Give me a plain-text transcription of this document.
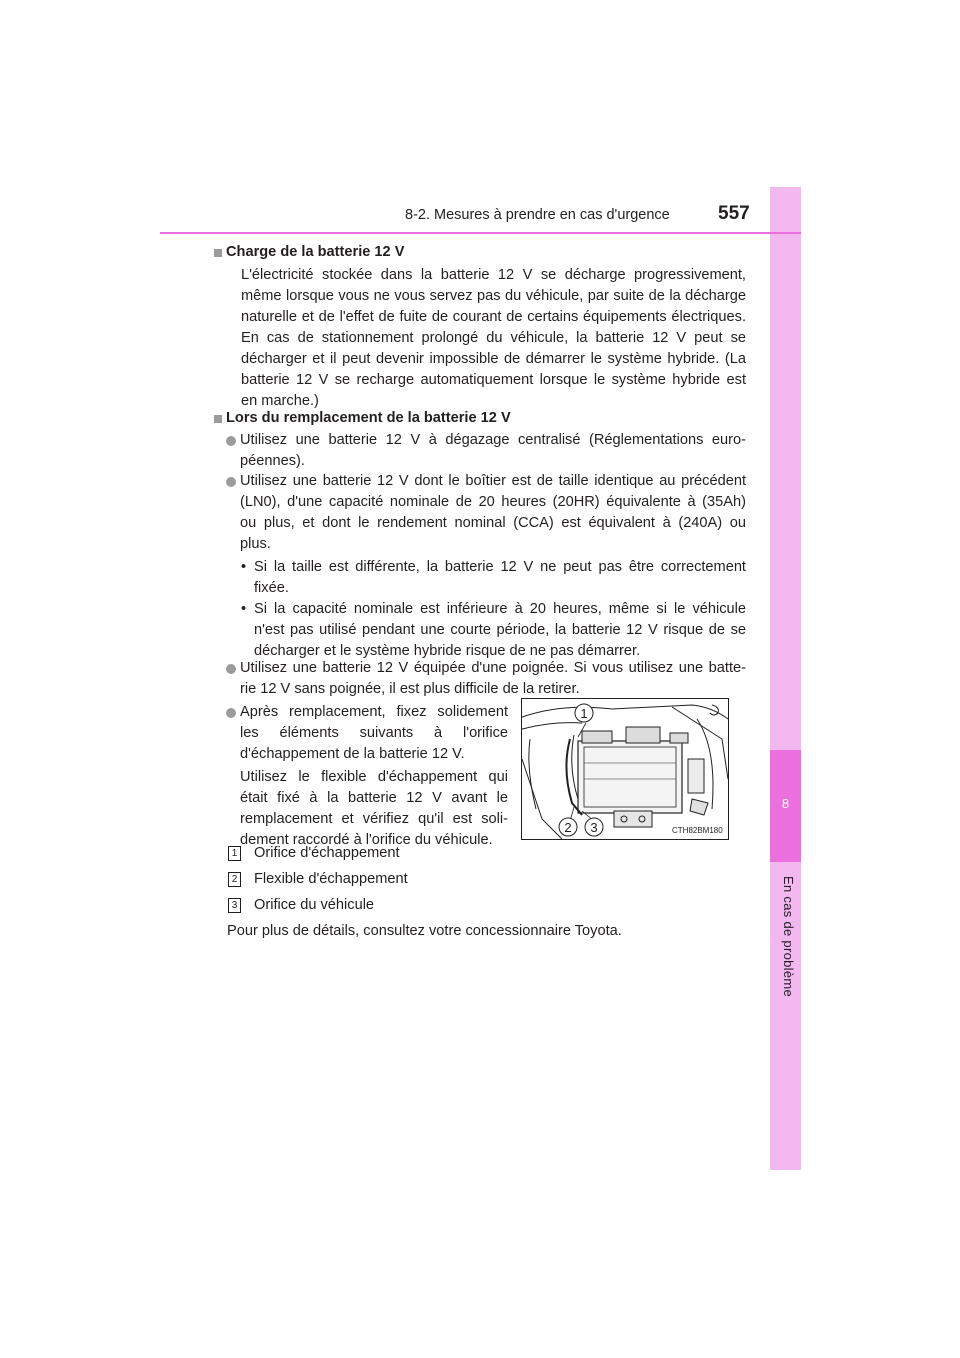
8
En cas de problème
8-2. Mesures à prendre en cas d'urgence	557
Charge de la batterie 12 V
L'électricité stockée dans la batterie 12 V se décharge progressivement,
même lorsque vous ne vous servez pas du véhicule, par suite de la décharge
naturelle et de l'effet de fuite de courant de certains équipements électriques.
En cas de stationnement prolongé du véhicule, la batterie 12 V peut se
décharger et il peut devenir impossible de démarrer le système hybride. (La
batterie 12 V se recharge automatiquement lorsque le système hybride est
en marche.)
Lors du remplacement de la batterie 12 V
Utilisez une batterie 12 V à dégazage centralisé (Réglementations euro-
péennes).
Utilisez une batterie 12 V dont le boîtier est de taille identique au précédent
(LN0), d'une capacité nominale de 20 heures (20HR) équivalente à (35Ah)
ou plus, et dont le rendement nominal (CCA) est équivalent à (240A) ou
plus.
• Si la taille est différente, la batterie 12 V ne peut pas être correctement
fixée.
• Si la capacité nominale est inférieure à 20 heures, même si le véhicule
n'est pas utilisé pendant une courte période, la batterie 12 V risque de se
décharger et le système hybride risque de ne pas démarrer.
Utilisez une batterie 12 V équipée d'une poignée. Si vous utilisez une batte-
rie 12 V sans poignée, il est plus difficile de la retirer.
Après remplacement, fixez solidement
les éléments suivants à l'orifice
d'échappement de la batterie 12 V.
Utilisez le flexible d'échappement qui
était fixé à la batterie 12 V avant le
remplacement et vérifiez qu'il est soli-
dement raccordé à l'orifice du véhicule.
1
2 3	CTH82BM180
1 Orifice d'échappement
2 Flexible d'échappement
3 Orifice du véhicule
Pour plus de détails, consultez votre concessionnaire Toyota.
